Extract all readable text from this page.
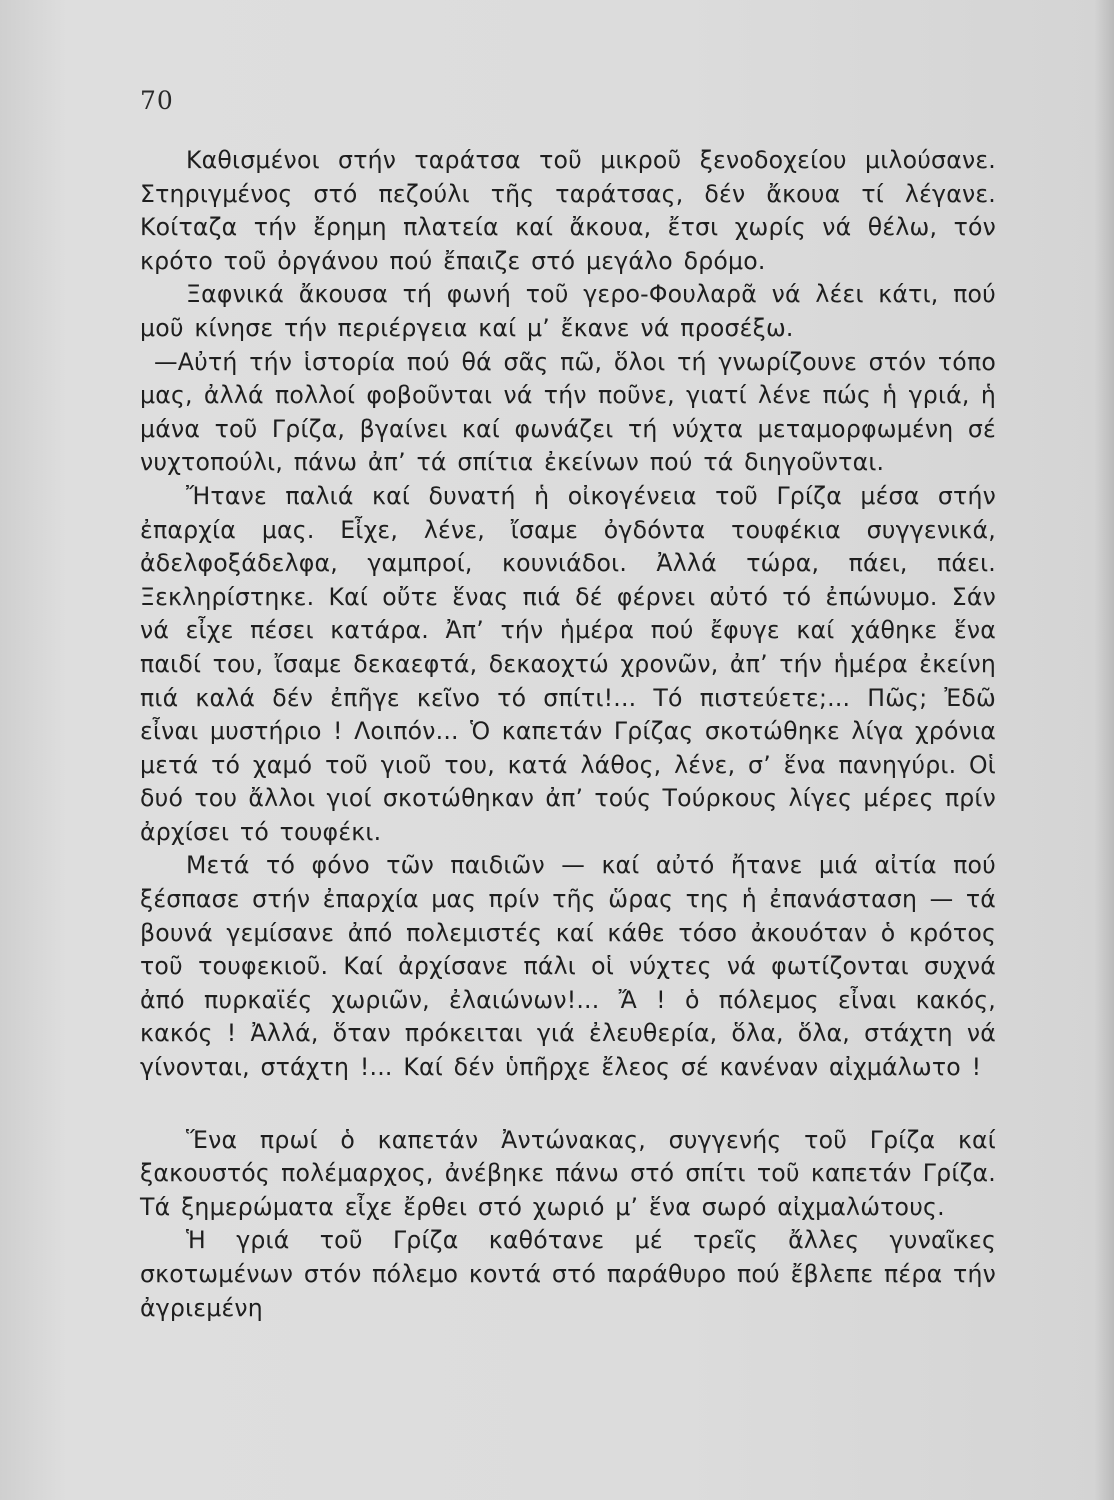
70

Καθισμένοι στήν ταράτσα τοῦ μικροῦ ξενοδοχείου μιλούσανε. Στηριγμένος στό πεζούλι τῆς ταράτσας, δέν ἄκουα τί λέγανε. Κοίταζα τήν ἔρημη πλατεία καί ἄκουα, ἔτσι χωρίς νά θέλω, τόν κρότο τοῦ ὀργάνου πού ἔπαιζε στό μεγάλο δρόμο.

Ξαφνικά ἄκουσα τή φωνή τοῦ γερο-Φουλαρᾶ νά λέει κάτι, πού μοῦ κίνησε τήν περιέργεια καί μ’ ἔκανε νά προσέξω.

—Αὐτή τήν ἱστορία πού θά σᾶς πῶ, ὅλοι τή γνωρίζουνε στόν τόπο μας, ἀλλά πολλοί φοβοῦνται νά τήν ποῦνε, γιατί λένε πώς ἡ γριά, ἡ μάνα τοῦ Γρίζα, βγαίνει καί φωνάζει τή νύχτα μεταμορφωμένη σέ νυχτοπούλι, πάνω ἀπ’ τά σπίτια ἐκείνων πού τά διηγοῦνται.

Ἤτανε παλιά καί δυνατή ἡ οἰκογένεια τοῦ Γρίζα μέσα στήν ἐπαρχία μας. Εἶχε, λένε, ἴσαμε ὀγδόντα τουφέκια συγγενικά, ἀδελφοξάδελφα, γαμπροί, κουνιάδοι. Ἀλλά τώρα, πάει, πάει. Ξεκληρίστηκε. Καί οὔτε ἕνας πιά δέ φέρνει αὐτό τό ἐπώνυμο. Σάν νά εἶχε πέσει κατάρα. Ἀπ’ τήν ἡμέρα πού ἔφυγε καί χάθηκε ἕνα παιδί του, ἴσαμε δεκαεφτά, δεκαοχτώ χρονῶν, ἀπ’ τήν ἡμέρα ἐκείνη πιά καλά δέν ἐπῆγε κεῖνο τό σπίτι!... Τό πιστεύετε;... Πῶς; Ἐδῶ εἶναι μυστήριο ! Λοιπόν... Ὁ καπετάν Γρίζας σκοτώθηκε λίγα χρόνια μετά τό χαμό τοῦ γιοῦ του, κατά λάθος, λένε, σ’ ἕνα πανηγύρι. Οἱ δυό του ἄλλοι γιοί σκοτώθηκαν ἀπ’ τούς Τούρκους λίγες μέρες πρίν ἀρχίσει τό τουφέκι.

Μετά τό φόνο τῶν παιδιῶν — καί αὐτό ἤτανε μιά αἰτία πού ξέσπασε στήν ἐπαρχία μας πρίν τῆς ὥρας της ἡ ἐπανάσταση — τά βουνά γεμίσανε ἀπό πολεμιστές καί κάθε τόσο ἀκουόταν ὁ κρότος τοῦ τουφεκιοῦ. Καί ἀρχίσανε πάλι οἱ νύχτες νά φωτίζονται συχνά ἀπό πυρκαϊές χωριῶν, ἐλαιώνων!... Ἄ ! ὁ πόλεμος εἶναι κακός, κακός ! Ἀλλά, ὅταν πρόκειται γιά ἐλευθερία, ὅλα, ὅλα, στάχτη νά γίνονται, στάχτη !... Καί δέν ὑπῆρχε ἔλεος σέ κανέναν αἰχμάλωτο !

Ἕνα πρωί ὁ καπετάν Ἀντώνακας, συγγενής τοῦ Γρίζα καί ξακουστός πολέμαρχος, ἀνέβηκε πάνω στό σπίτι τοῦ καπετάν Γρίζα. Τά ξημερώματα εἶχε ἔρθει στό χωριό μ’ ἕνα σωρό αἰχμαλώτους.

Ἡ γριά τοῦ Γρίζα καθότανε μέ τρεῖς ἄλλες γυναῖκες σκοτωμένων στόν πόλεμο κοντά στό παράθυρο πού ἔβλεπε πέρα τήν ἀγριεμένη
